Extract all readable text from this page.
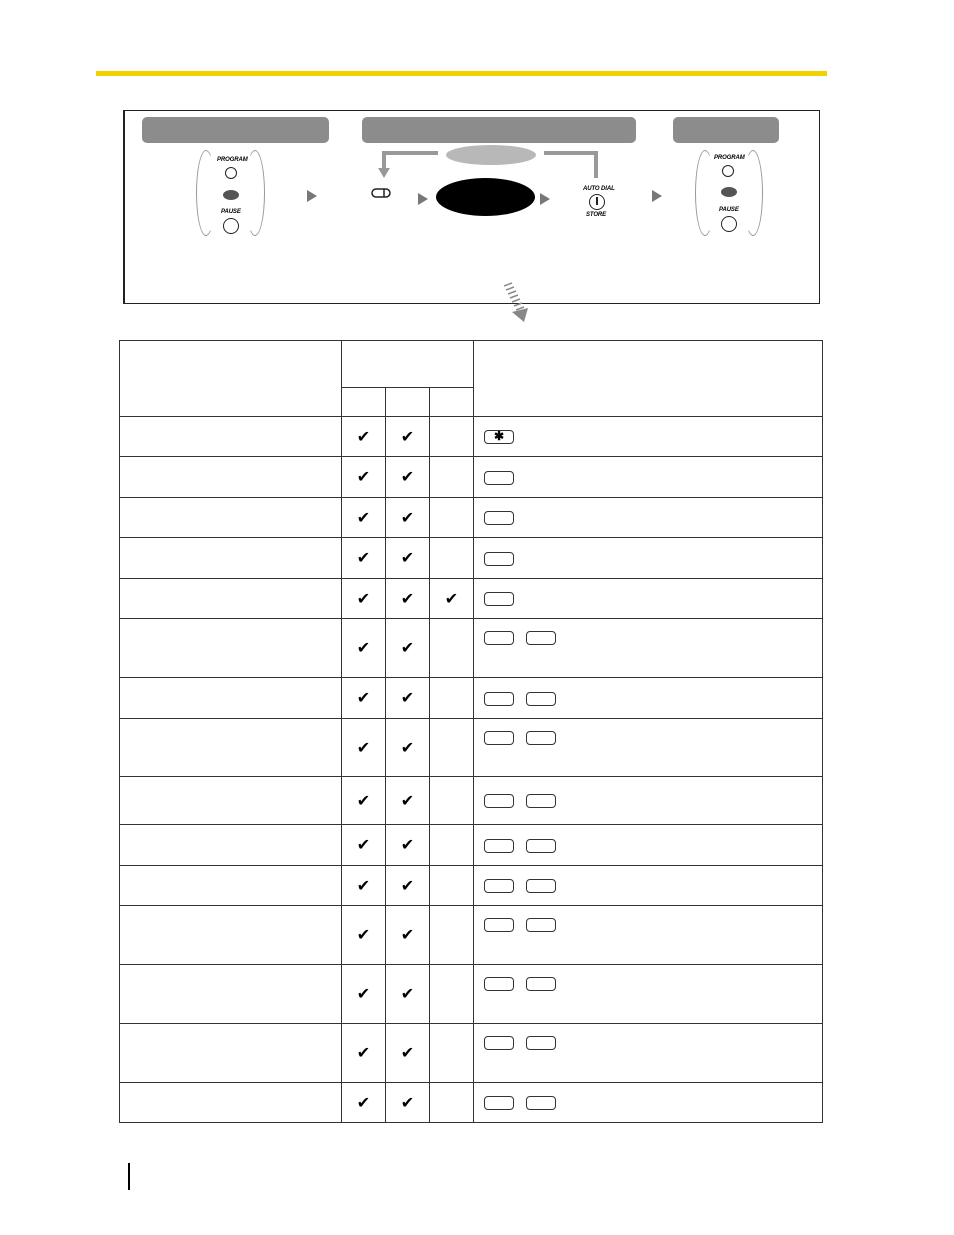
PROGRAM
PAUSE
AUTO DIAL
STORE
PROGRAM
PAUSE

	✔	✔		✱

	✔	✔		

	✔	✔		

	✔	✔		

	✔	✔	✔	

	✔	✔		

	✔	✔		

	✔	✔		

	✔	✔		

	✔	✔		

	✔	✔		

	✔	✔		

	✔	✔		

	✔	✔		

	✔	✔		
